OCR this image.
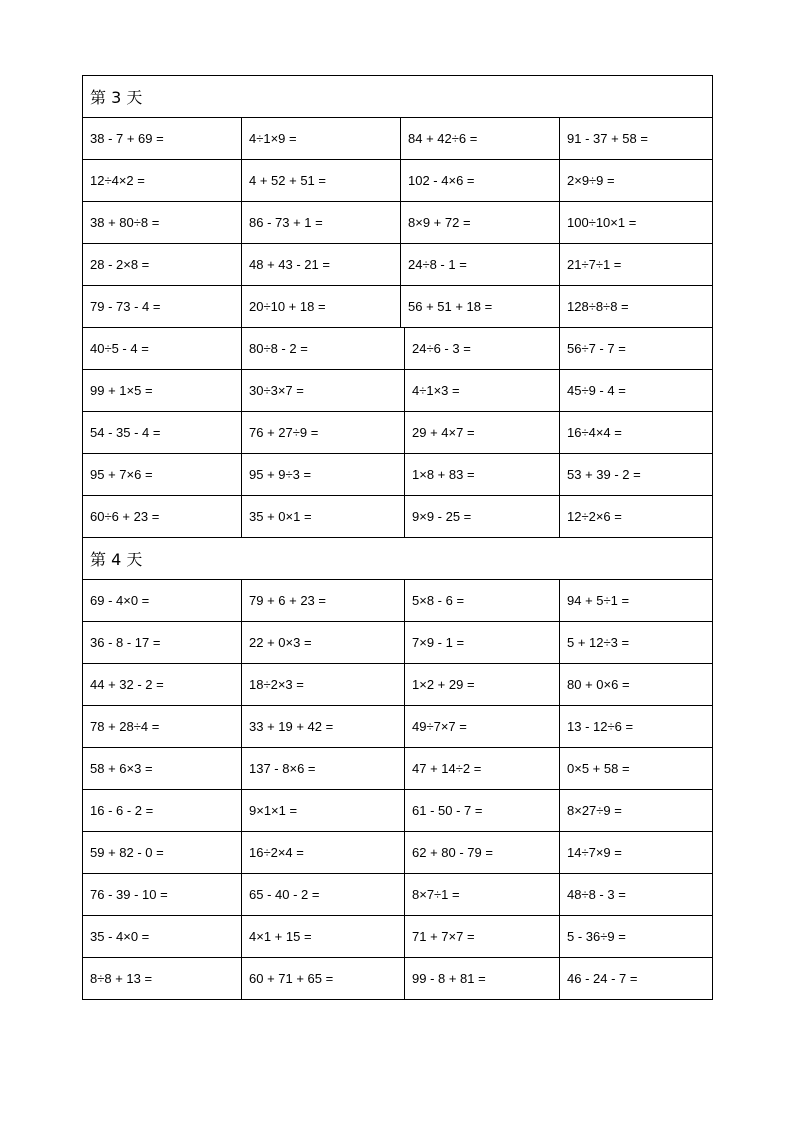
第 3 天
38 - 7 + 69 =	4÷1×9 =	84 + 42÷6 =	91 - 37 + 58 =
12÷4×2 =	4 + 52 + 51 =	102 - 4×6 =	2×9÷9 =
38 + 80÷8 =	86 - 73 + 1 =	8×9 + 72 =	100÷10×1 =
28 - 2×8 =	48 + 43 - 21 =	24÷8 - 1 =	21÷7÷1 =
79 - 73 - 4 =	20÷10 + 18 =	56 + 51 + 18 =	128÷8÷8 =
40÷5 - 4 =	80÷8 - 2 =	24÷6 - 3 =	56÷7 - 7 =
99 + 1×5 =	30÷3×7 =	4÷1×3 =	45÷9 - 4 =
54 - 35 - 4 =	76 + 27÷9 =	29 + 4×7 =	16÷4×4 =
95 + 7×6 =	95 + 9÷3 =	1×8 + 83 =	53 + 39 - 2 =
60÷6 + 23 =	35 + 0×1 =	9×9 - 25 =	12÷2×6 =
第 4 天
69 - 4×0 =	79 + 6 + 23 =	5×8 - 6 =	94 + 5÷1 =
36 - 8 - 17 =	22 + 0×3 =	7×9 - 1 =	5 + 12÷3 =
44 + 32 - 2 =	18÷2×3 =	1×2 + 29 =	80 + 0×6 =
78 + 28÷4 =	33 + 19 + 42 =	49÷7×7 =	13 - 12÷6 =
58 + 6×3 =	137 - 8×6 =	47 + 14÷2 =	0×5 + 58 =
16 - 6 - 2 =	9×1×1 =	61 - 50 - 7 =	8×27÷9 =
59 + 82 - 0 =	16÷2×4 =	62 + 80 - 79 =	14÷7×9 =
76 - 39 - 10 =	65 - 40 - 2 =	8×7÷1 =	48÷8 - 3 =
35 - 4×0 =	4×1 + 15 =	71 + 7×7 =	5 - 36÷9 =
8÷8 + 13 =	60 + 71 + 65 =	99 - 8 + 81 =	46 - 24 - 7 =
